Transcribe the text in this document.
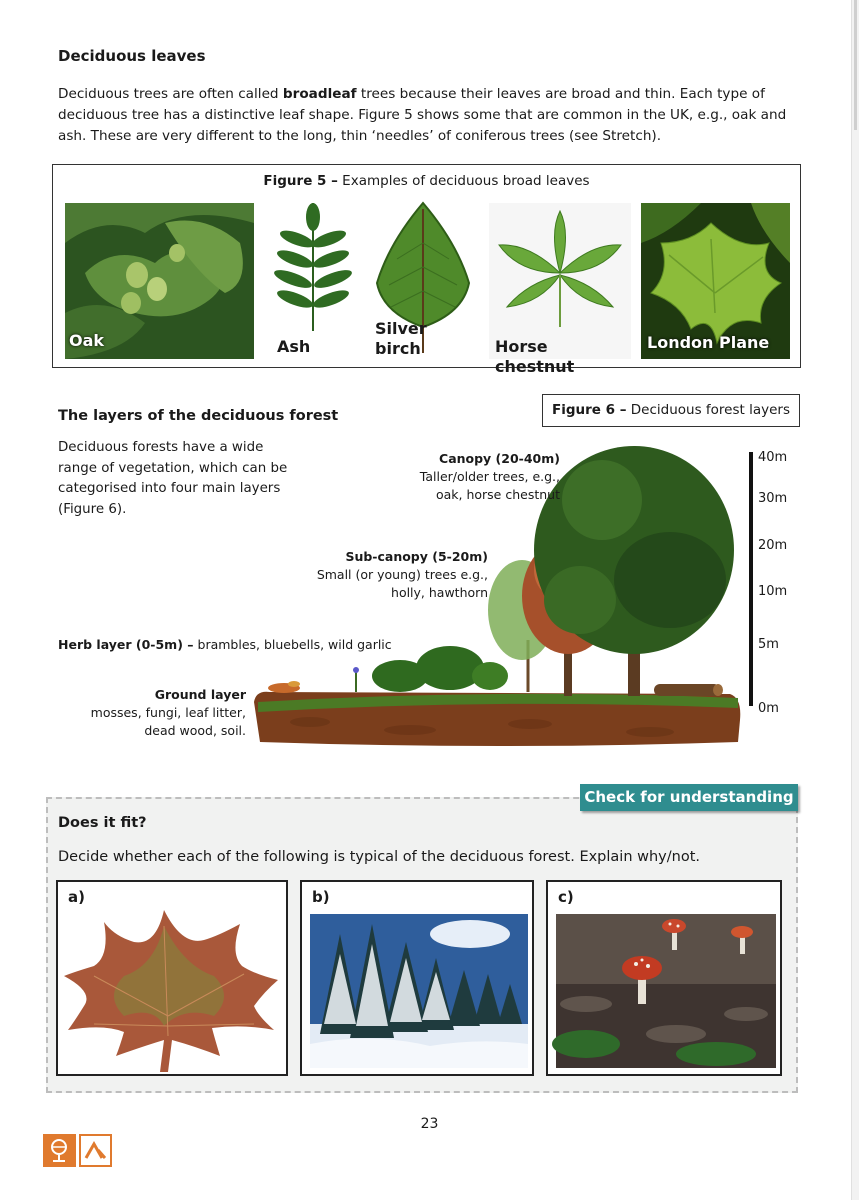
Deciduous leaves
Deciduous trees are often called broadleaf trees because their leaves are broad and thin. Each type of
deciduous tree has a distinctive leaf shape. Figure 5 shows some that are common in the UK, e.g., oak and
ash. These are very different to the long, thin ‘needles’ of coniferous trees (see Stretch).
Figure 5 – Examples of deciduous broad leaves
Oak	Ash
Silver
birch	Horse chestnut
London Plane
The layers of the deciduous forest
Deciduous forests have a wide
range of vegetation, which can be
categorised into four main layers
(Figure 6).
Figure 6 – Deciduous forest layers
Canopy (20-40m)
Taller/older trees, e.g.,
oak, horse chestnut
Sub-canopy (5-20m)
Small (or young) trees e.g.,
holly, hawthorn
Herb layer (0-5m) – brambles, bluebells, wild garlic
Ground layer
mosses, fungi, leaf litter,
dead wood, soil.
40m
30m
20m
10m
5m
0m
Does it fit?
Decide whether each of the following is typical of the deciduous forest. Explain why/not.
Check for understanding
a)	b)	c)
23
